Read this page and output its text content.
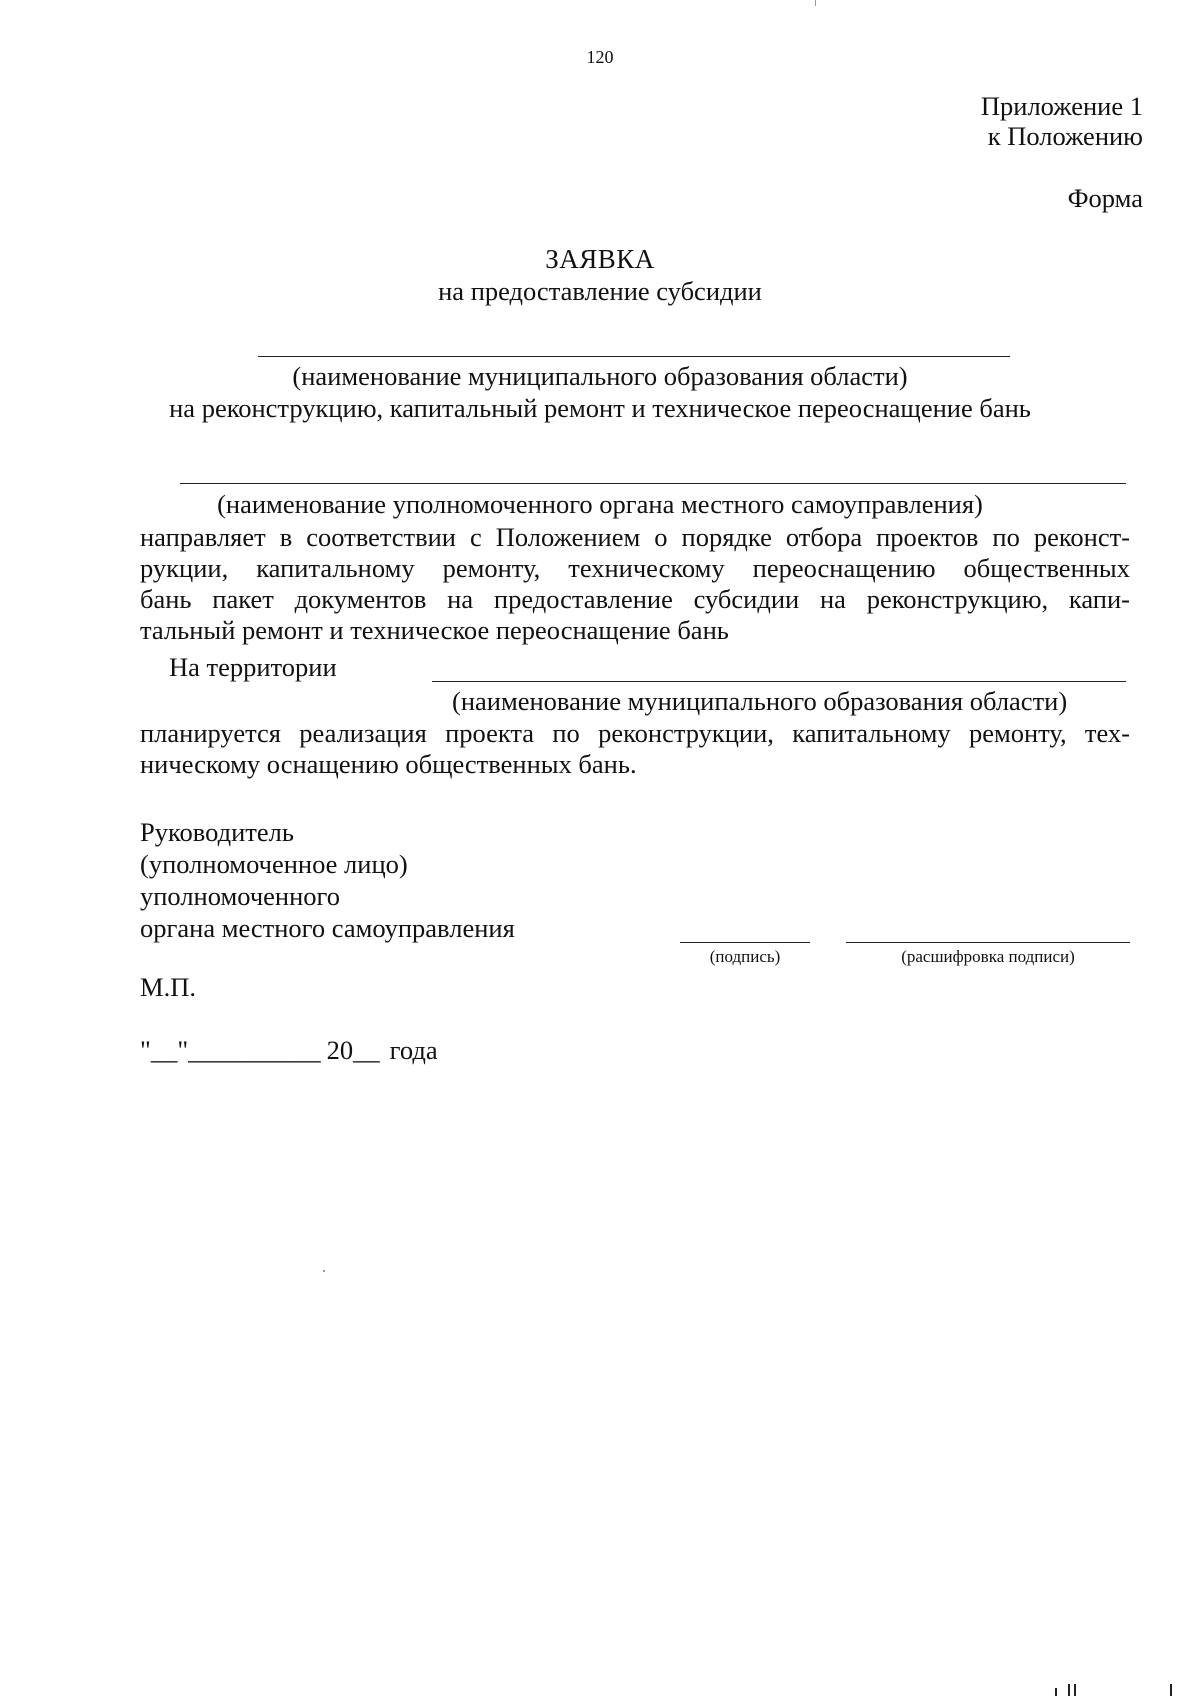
120
Приложение 1
к Положению
Форма
ЗАЯВКА
на предоставление субсидии
(наименование муниципального образования области)
на реконструкцию, капитальный ремонт и техническое переоснащение бань
(наименование уполномоченного органа местного самоуправления)
направляет в соответствии с Положением о порядке отбора проектов по реконст-
рукции, капитальному ремонту, техническому переоснащению общественных
бань пакет документов на предоставление субсидии на реконструкцию, капи-
тальный ремонт и техническое переоснащение бань
На территории
(наименование муниципального образования области)
планируется реализация проекта по реконструкции, капитальному ремонту, тех-
ническому оснащению общественных бань.
Руководитель
(уполномоченное лицо)
уполномоченного
органа местного самоуправления
(подпись)	(расшифровка подписи)
М.П.
"__"__________ 20__ года
